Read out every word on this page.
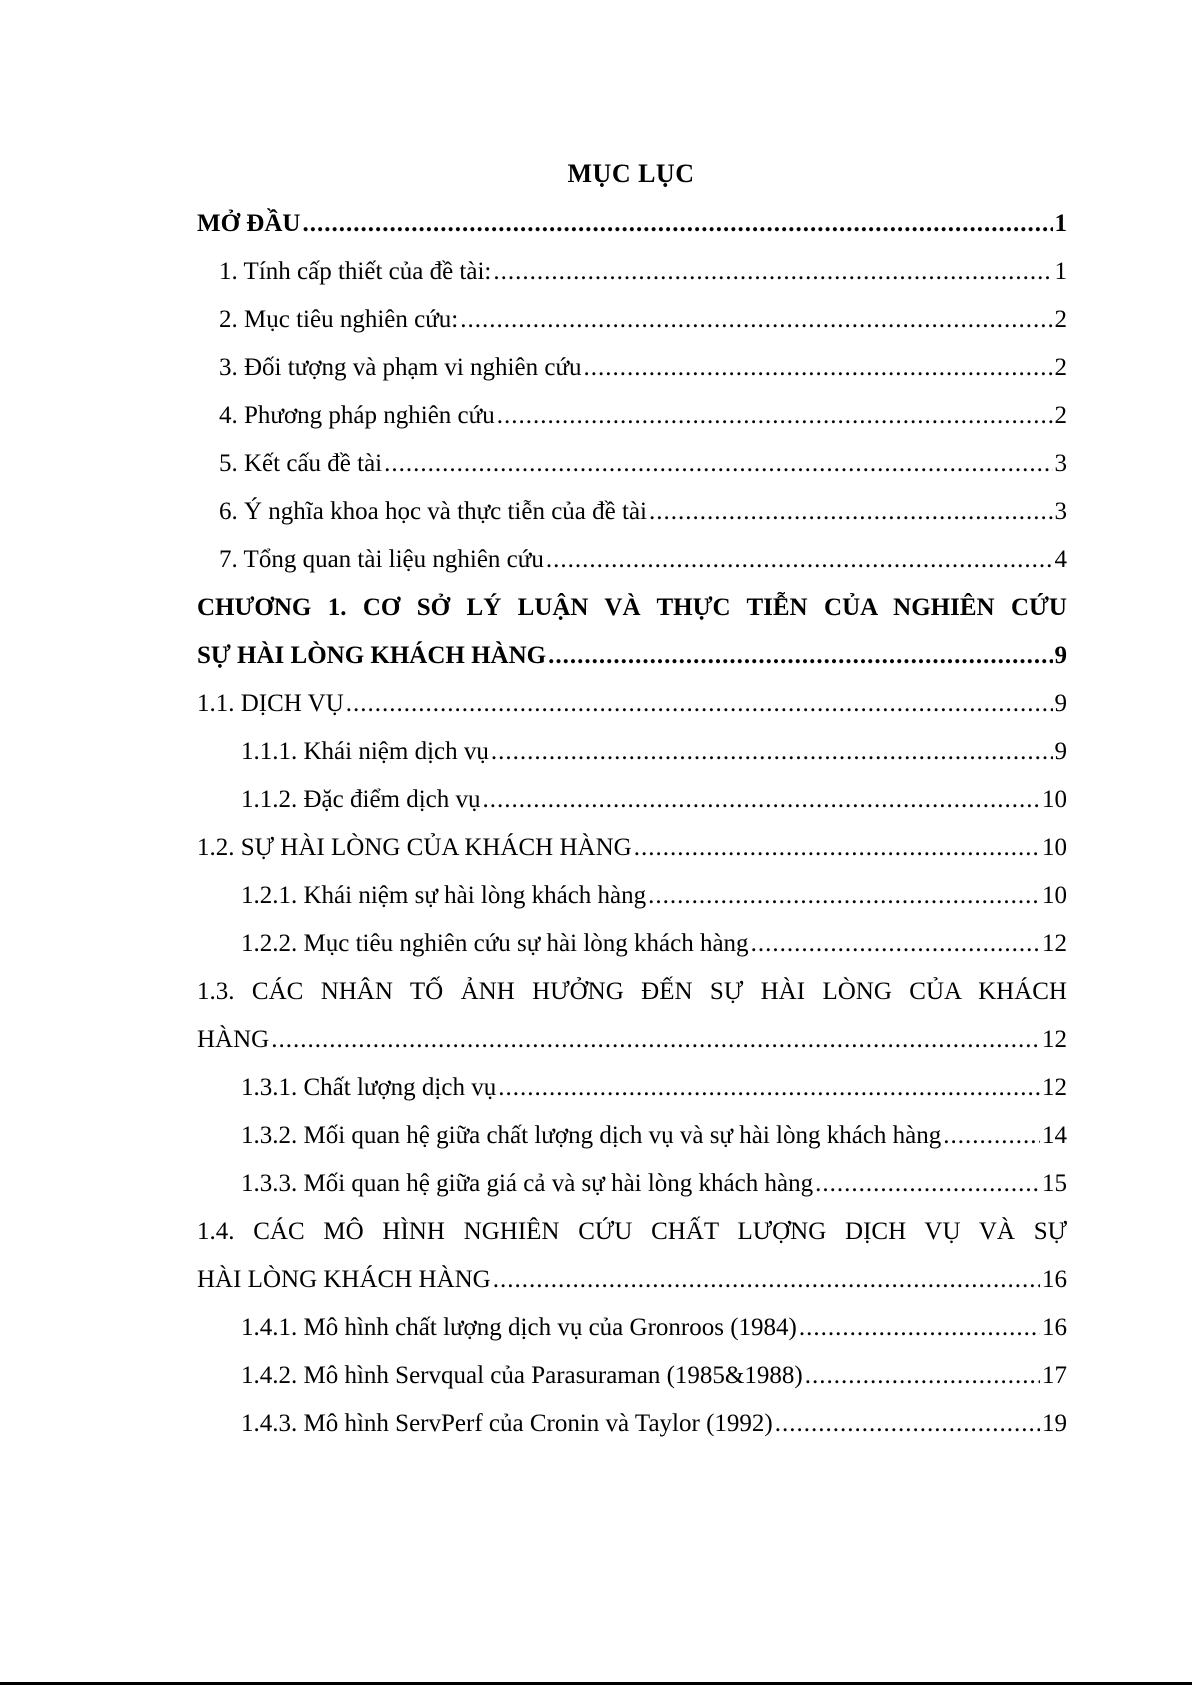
MỤC LỤC
MỞ ĐẦU .....	1
1. Tính cấp thiết của đề tài: .....	1
2. Mục tiêu nghiên cứu: .....	2
3. Đối tượng và phạm vi nghiên cứu .....	2
4. Phương pháp nghiên cứu .....	2
5. Kết cấu đề tài .....	3
6. Ý nghĩa khoa học và thực tiễn của đề tài .....	3
7. Tổng quan tài liệu nghiên cứu .....	4
CHƯƠNG 1. CƠ SỞ LÝ LUẬN VÀ THỰC TIỄN CỦA NGHIÊN CỨU
SỰ HÀI LÒNG KHÁCH HÀNG .....	9
1.1. DỊCH VỤ .....	9
1.1.1. Khái niệm dịch vụ .....	9
1.1.2. Đặc điểm dịch vụ .....	10
1.2. SỰ HÀI LÒNG CỦA KHÁCH HÀNG .....	10
1.2.1. Khái niệm sự hài lòng khách hàng .....	10
1.2.2. Mục tiêu nghiên cứu sự hài lòng khách hàng .....	12
1.3. CÁC NHÂN TỐ ẢNH HƯỞNG ĐẾN SỰ HÀI LÒNG CỦA KHÁCH
HÀNG .....	12
1.3.1. Chất lượng dịch vụ .....	12
1.3.2. Mối quan hệ giữa chất lượng dịch vụ và sự hài lòng khách hàng .....	14
1.3.3. Mối quan hệ giữa giá cả và sự hài lòng khách hàng .....	15
1.4. CÁC MÔ HÌNH NGHIÊN CỨU CHẤT LƯỢNG DỊCH VỤ VÀ SỰ
HÀI LÒNG KHÁCH HÀNG .....	16
1.4.1. Mô hình chất lượng dịch vụ của Gronroos (1984) .....	16
1.4.2. Mô hình Servqual của Parasuraman (1985&1988) .....	17
1.4.3. Mô hình ServPerf của Cronin và Taylor (1992) .....	19
